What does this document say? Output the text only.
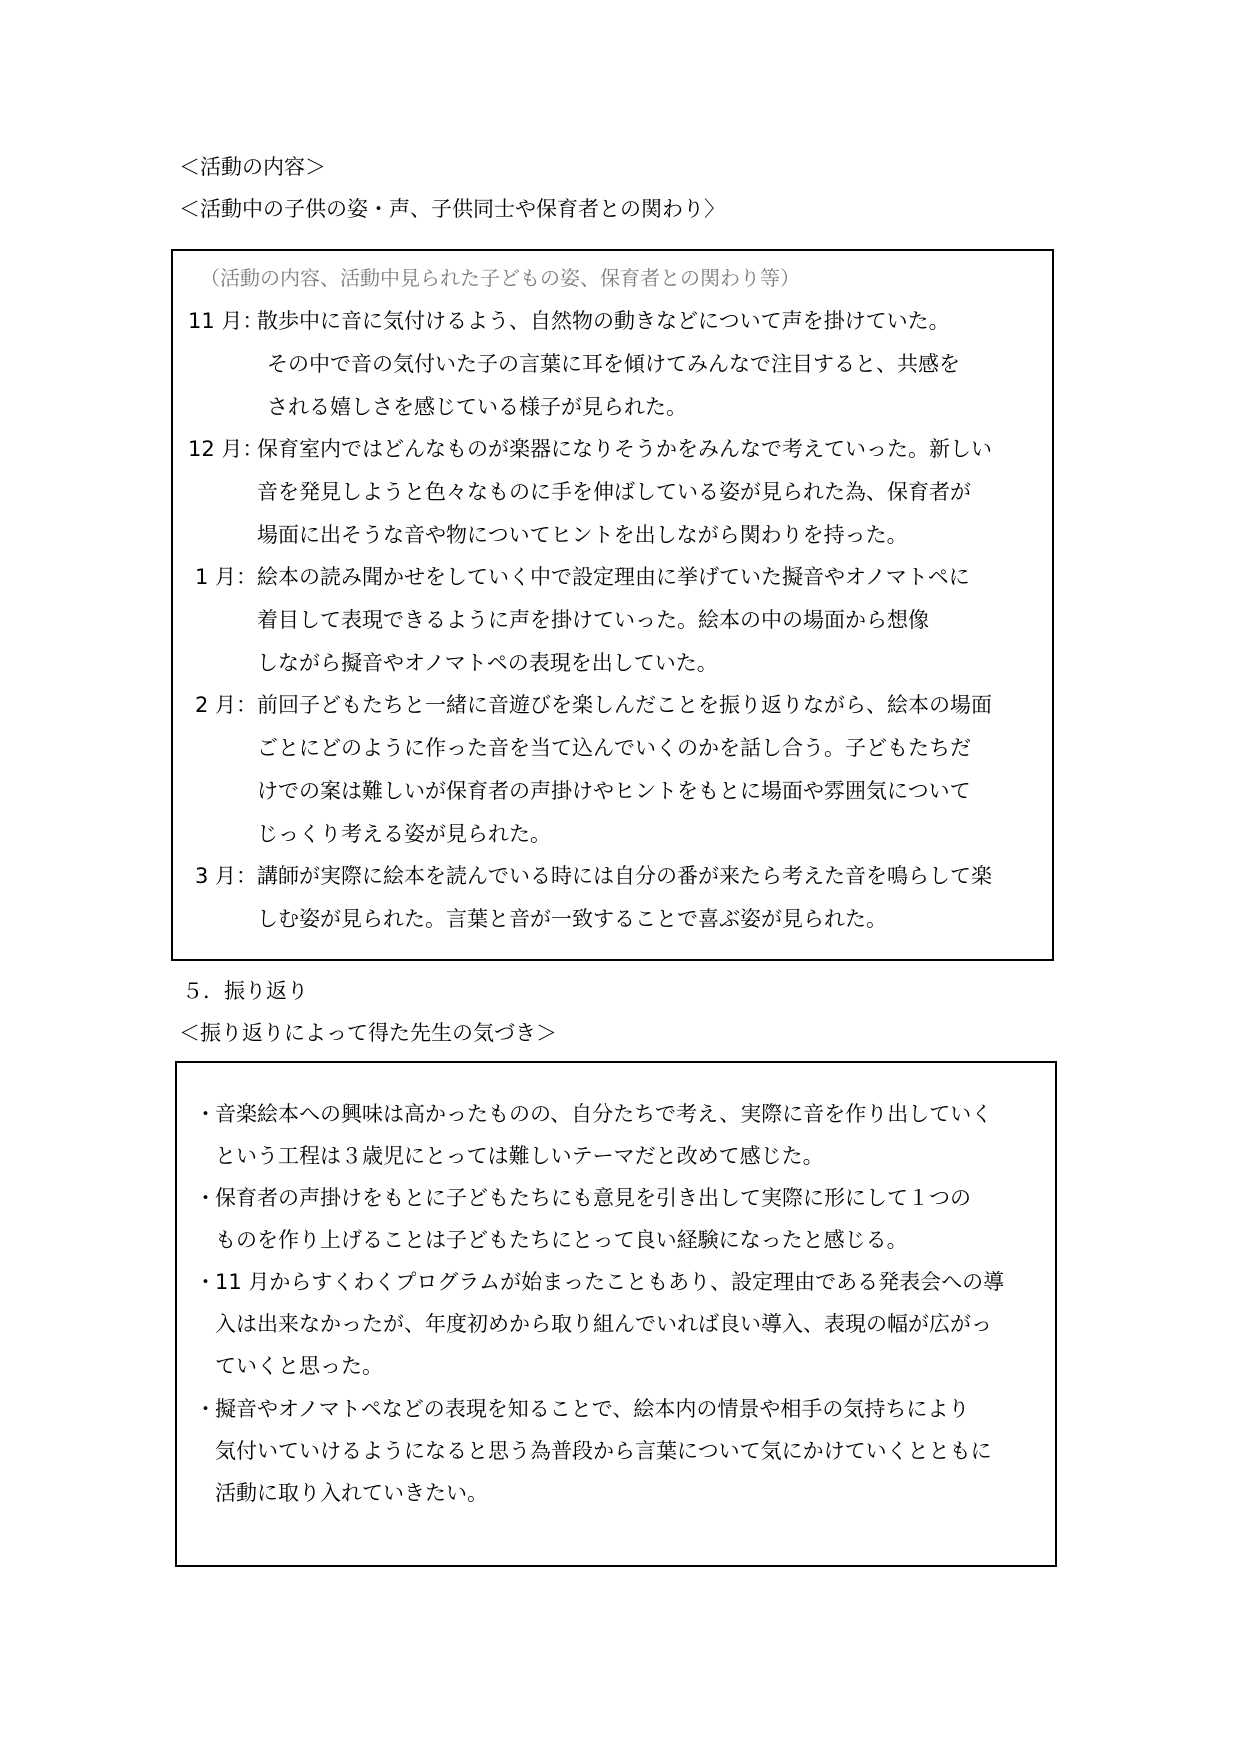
＜活動の内容＞
＜活動中の子供の姿・声、子供同士や保育者との関わり〉
（活動の内容、活動中見られた子どもの姿、保育者との関わり等）
11 月：
散歩中に音に気付けるよう、自然物の動きなどについて声を掛けていた。
その中で音の気付いた子の言葉に耳を傾けてみんなで注目すると、共感を
される嬉しさを感じている様子が見られた。
12 月：
保育室内ではどんなものが楽器になりそうかをみんなで考えていった。新しい
音を発見しようと色々なものに手を伸ばしている姿が見られた為、保育者が
場面に出そうな音や物についてヒントを出しながら関わりを持った。
1 月： 絵本の読み聞かせをしていく中で設定理由に挙げていた擬音やオノマトペに
着目して表現できるように声を掛けていった。絵本の中の場面から想像
しながら擬音やオノマトペの表現を出していた。
2 月： 前回子どもたちと一緒に音遊びを楽しんだことを振り返りながら、絵本の場面
ごとにどのように作った音を当て込んでいくのかを話し合う。子どもたちだ
けでの案は難しいが保育者の声掛けやヒントをもとに場面や雰囲気について
じっくり考える姿が見られた。
3 月： 講師が実際に絵本を読んでいる時には自分の番が来たら考えた音を鳴らして楽
しむ姿が見られた。言葉と音が一致することで喜ぶ姿が見られた。
５．振り返り
＜振り返りによって得た先生の気づき＞
・ 音楽絵本への興味は高かったものの、自分たちで考え、実際に音を作り出していく
という工程は３歳児にとっては難しいテーマだと改めて感じた。
・ 保育者の声掛けをもとに子どもたちにも意見を引き出して実際に形にして１つの
ものを作り上げることは子どもたちにとって良い経験になったと感じる。
・ 11 月からすくわくプログラムが始まったこともあり、設定理由である発表会への導
入は出来なかったが、年度初めから取り組んでいれば良い導入、表現の幅が広がっ
ていくと思った。
・ 擬音やオノマトペなどの表現を知ることで、絵本内の情景や相手の気持ちにより
気付いていけるようになると思う為普段から言葉について気にかけていくとともに
活動に取り入れていきたい。
